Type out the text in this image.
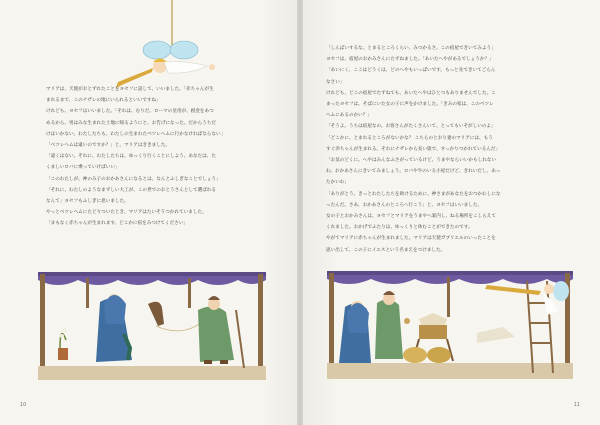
マリアは、天使がおとずれたことをヨセフに話して、いいました。「赤ちゃんが生

まれるまで、このナザレの地にいられるといいですね」

けれども、ヨセフはいいました。「それは、むりだ。ローマの皇帝が、税金をあつ

めるから、男はみな生まれた土地に帰るようにと、お告げになった。だからうちだ

けはいかない。わたしたちも、わたしの生まれたベツレヘムに行かなければならない」

「ベツレヘムは遠いのですか？」と、マリアはききました。

「遠くはない。それに、わたしたちは、ゆっくり行くことにしよう。あなたは、た

くましいロバに乗っていけばいい」

「このわたしが、神のみ子のおかあさんになるとは、なんとふしぎなことでしょう」

「それに、わたしのようなまずしい大工が、この世でのおとうさんとして選ばれる

なんて」ヨセフもふしぎに思いました。

やっとベツレヘムにたどりついたとき、マリアはたいそうつかれていました。

「まもなく赤ちゃんが生まれます。どこかに宿をみつけてください」

10

「しんぱいするな。とまるところくらい、みつかるさ。この宿屋できいてみよう」

ヨセフは、宿屋のおかみさんにたずねました。「あいたへやがあるでしょうか？」

「あいにく、ここはどうくは、どのへやもいっぱいです。もっと先できいてごらん

なさい」

けれども、どこの宿屋でたずねても、あいたへやはひとつもありませんでした。こ

まったヨセフは、そばにいた女の子に声をかけました。「きみの家は、このベツレ

ヘムにあるのかい？」

「そうよ。うちは宿屋なの。お客さんがたくさんいて、とってもいそがしいのよ」

「どこかに、とまれるところがないかな？ こちらのとおり妻のマリアには、もう

すぐ赤ちゃんが生まれる。それにナザレから長い旅で、すっかりつかれているんだ」

「お気のどくに。へやはみんなふさがっているけど、うまやならいいかもしれない

わ。おかあさんにきいてみましょう。ロバや牛のいる小屋だけど、きれいだし、あっ

たかいわ」

「ありがとう。きっとわたしたちを助けるために、神さまがあなたをおつかわしにな

ったんだ。さあ、おかあさんのところへ行こう」と、ヨセフはいいました。

女の子とおかみさんは、ヨセフとマリアをうまやへ案内し、ねる場所をこしらえて

くれました。おかげでふたりは、ゆっくりと休むことができたのです。

やがてマリアに赤ちゃんが生まれました。マリアは天使ガブリエルのいったことを

思い出して、この子にイエスという名まえをつけました。

11
